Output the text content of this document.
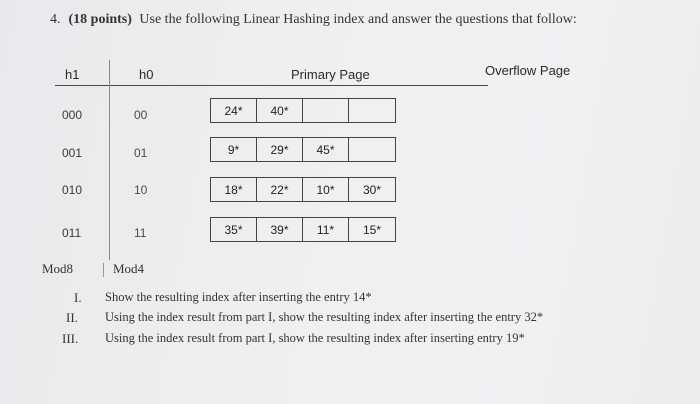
4. (18 points) Use the following Linear Hashing index and answer the questions that follow:
h1	h0	Primary Page	Overflow Page
000	00	24*	40*
001	01	9*	29*	45*
010	10	18*	22*	10*	30*
011	11	35*	39*	11*	15*
Mod8	Mod4
I. Show the resulting index after inserting the entry 14*
II. Using the index result from part I, show the resulting index after inserting the entry 32*
III. Using the index result from part I, show the resulting index after inserting entry 19*
